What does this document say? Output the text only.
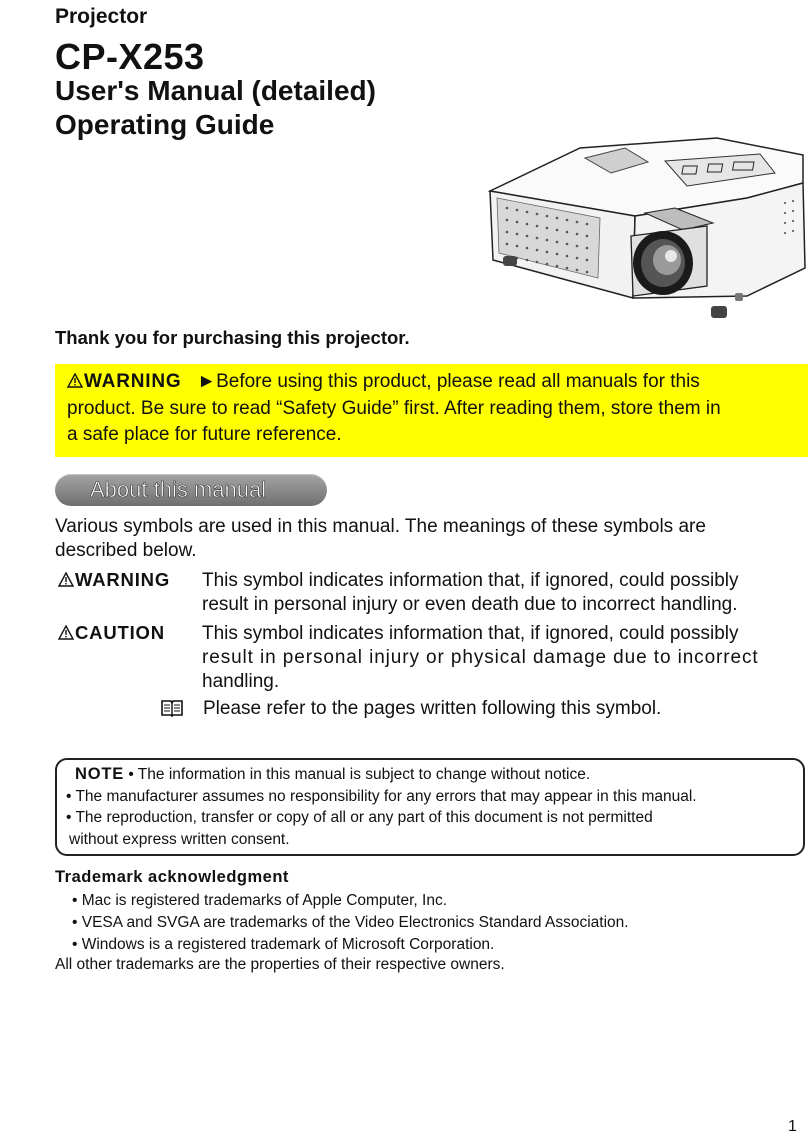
Projector
CP-X253
User's Manual (detailed)
Operating Guide
Thank you for purchasing this projector.
WARNING ►Before using this product, please read all manuals for this
product. Be sure to read “Safety Guide” first. After reading them, store them in
a safe place for future reference.
About this manual
Various symbols are used in this manual. The meanings of these symbols are
described below.
WARNING This symbol indicates information that, if ignored, could possibly
result in personal injury or even death due to incorrect handling.
CAUTION This symbol indicates information that, if ignored, could possibly
result in personal injury or physical damage due to incorrect
handling.
Please refer to the pages written following this symbol.
NOTE • The information in this manual is subject to change without notice.
• The manufacturer assumes no responsibility for any errors that may appear in this manual.
• The reproduction, transfer or copy of all or any part of this document is not permitted
without express written consent.
Trademark acknowledgment
• Mac is registered trademarks of Apple Computer, Inc.
• VESA and SVGA are trademarks of the Video Electronics Standard Association.
• Windows is a registered trademark of Microsoft Corporation.
All other trademarks are the properties of their respective owners.
1
